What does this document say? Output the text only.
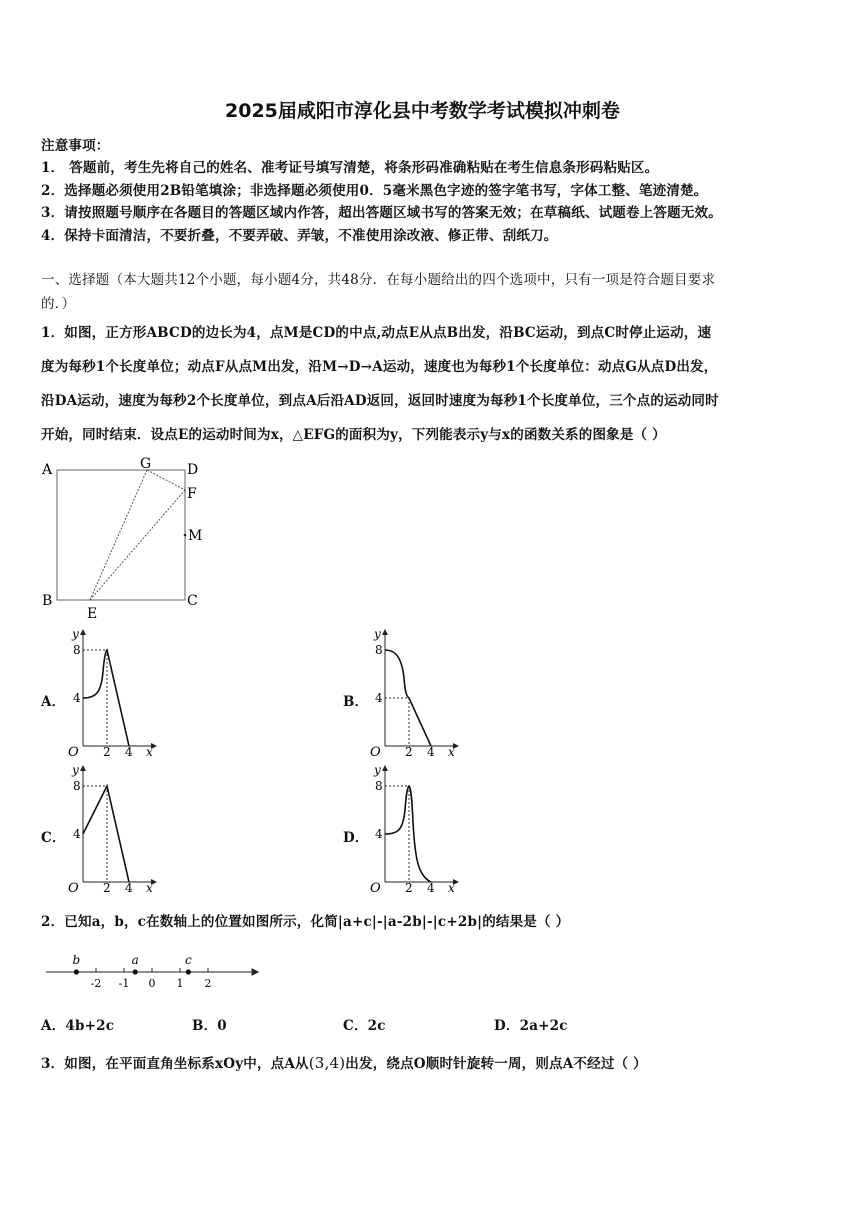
2025届咸阳市淳化县中考数学考试模拟冲刺卷
注意事项：
1． 答题前，考生先将自己的姓名、准考证号填写清楚，将条形码准确粘贴在考生信息条形码粘贴区。
2．选择题必须使用2B铅笔填涂；非选择题必须使用0．5毫米黑色字迹的签字笔书写，字体工整、笔迹清楚。
3．请按照题号顺序在各题目的答题区域内作答，超出答题区域书写的答案无效；在草稿纸、试题卷上答题无效。
4．保持卡面清洁，不要折叠，不要弄破、弄皱，不准使用涂改液、修正带、刮纸刀。
一、选择题（本大题共12个小题，每小题4分，共48分．在每小题给出的四个选项中，只有一项是符合题目要求
的．）
1．如图，正方形ABCD的边长为4，点M是CD的中点,动点E从点B出发，沿BC运动，到点C时停止运动，速
度为每秒1个长度单位；动点F从点M出发，沿M→D→A运动，速度也为每秒1个长度单位：动点G从点D出发，
沿DA运动，速度为每秒2个长度单位，到点A后沿AD返回，返回时速度为每秒1个长度单位，三个点的运动同时
开始，同时结束．设点E的运动时间为x，△EFG的面积为y，下列能表示y与x的函数关系的图象是（ ）
A	G	D
F
M
B	C
E
A．
y
8
4
O 2 4 x
B．
y
8
4
O 2 4 x
C．
y
8
4
O 2 4 x
D．
y
8
4
O 2 4 x
2．已知a，b，c在数轴上的位置如图所示，化简|a+c|-|a-2b|-|c+2b|的结果是（ ）
-2 -1 0 1 2
b	a	c
A．4b+2c	B．0	C．2c	D．2a+2c
3．如图，在平面直角坐标系xOy中，点A从(3,4)出发，绕点O顺时针旋转一周，则点A不经过（ ）
